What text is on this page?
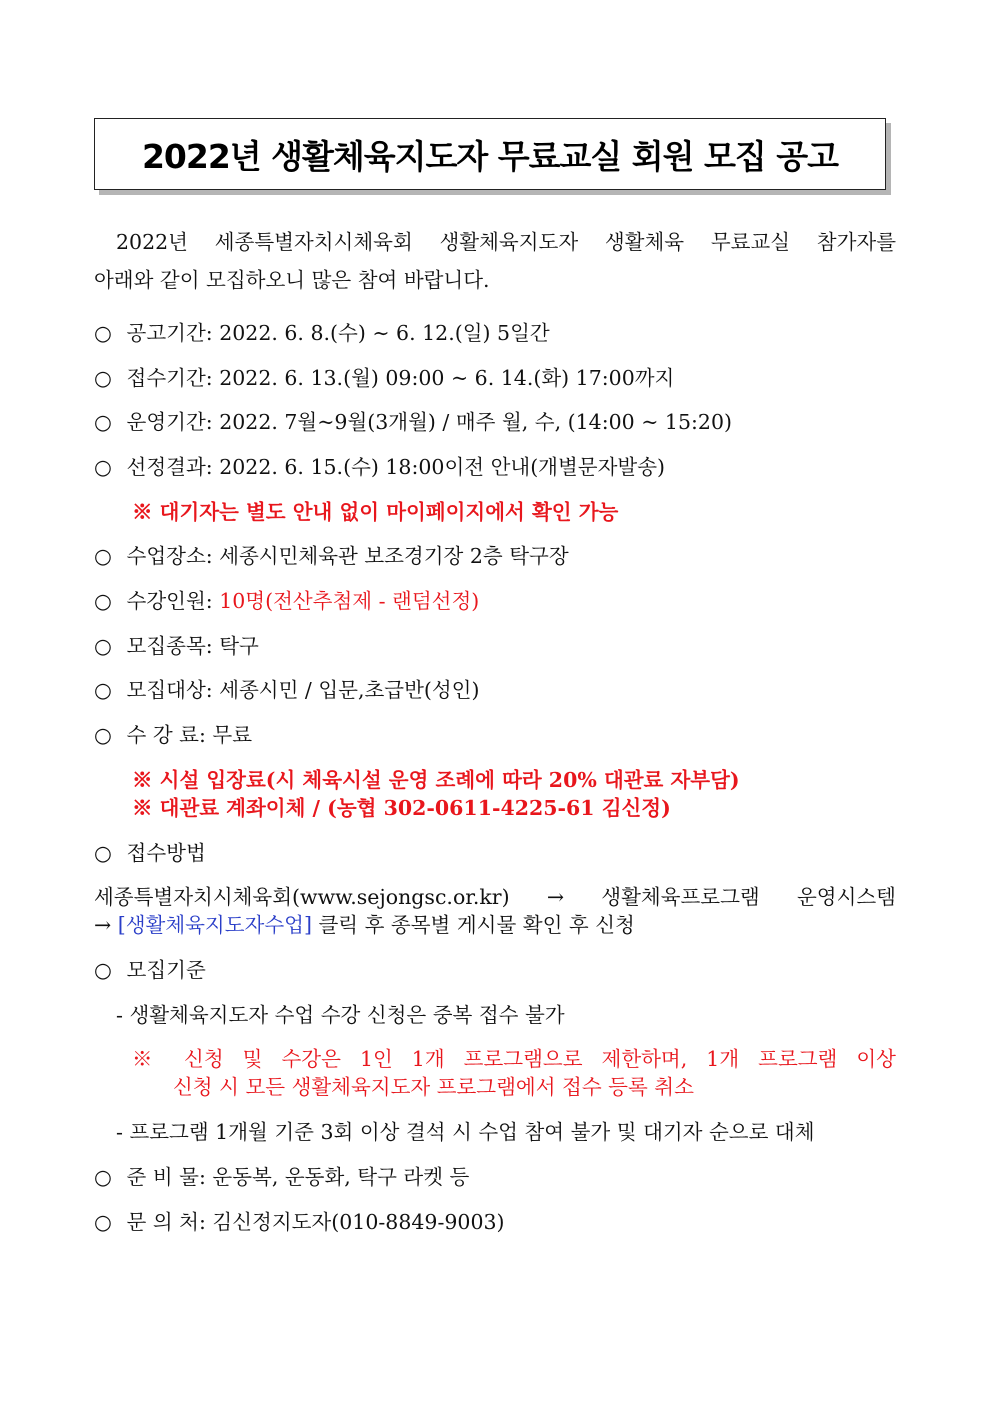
2022년 생활체육지도자 무료교실 회원 모집 공고
2022년 세종특별자치시체육회 생활체육지도자 생활체육 무료교실 참가자를
아래와 같이 모집하오니 많은 참여 바랍니다.
○ 공고기간: 2022. 6. 8.(수) ∼ 6. 12.(일) 5일간
○ 접수기간: 2022. 6. 13.(월) 09:00 ~ 6. 14.(화) 17:00까지
○ 운영기간: 2022. 7월~9월(3개월) / 매주 월, 수, (14:00 ~ 15:20)
○ 선정결과: 2022. 6. 15.(수) 18:00이전 안내(개별문자발송)
※ 대기자는 별도 안내 없이 마이페이지에서 확인 가능
○ 수업장소: 세종시민체육관 보조경기장 2층 탁구장
○ 수강인원: 10명(전산추첨제 - 랜덤선정)
○ 모집종목: 탁구
○ 모집대상: 세종시민 / 입문,초급반(성인)
○ 수 강 료: 무료
※ 시설 입장료(시 체육시설 운영 조례에 따라 20% 대관료 자부담)
※ 대관료 계좌이체 / (농협 302-0611-4225-61 김신정)
○ 접수방법
세종특별자치시체육회(www.sejongsc.or.kr) → 생활체육프로그램 운영시스템
→ [생활체육지도자수업] 클릭 후 종목별 게시물 확인 후 신청
○ 모집기준
- 생활체육지도자 수업 수강 신청은 중복 접수 불가
※ 신청 및 수강은 1인 1개 프로그램으로 제한하며, 1개 프로그램 이상
신청 시 모든 생활체육지도자 프로그램에서 접수 등록 취소
- 프로그램 1개월 기준 3회 이상 결석 시 수업 참여 불가 및 대기자 순으로 대체
○ 준 비 물: 운동복, 운동화, 탁구 라켓 등
○ 문 의 처: 김신정지도자(010-8849-9003)
